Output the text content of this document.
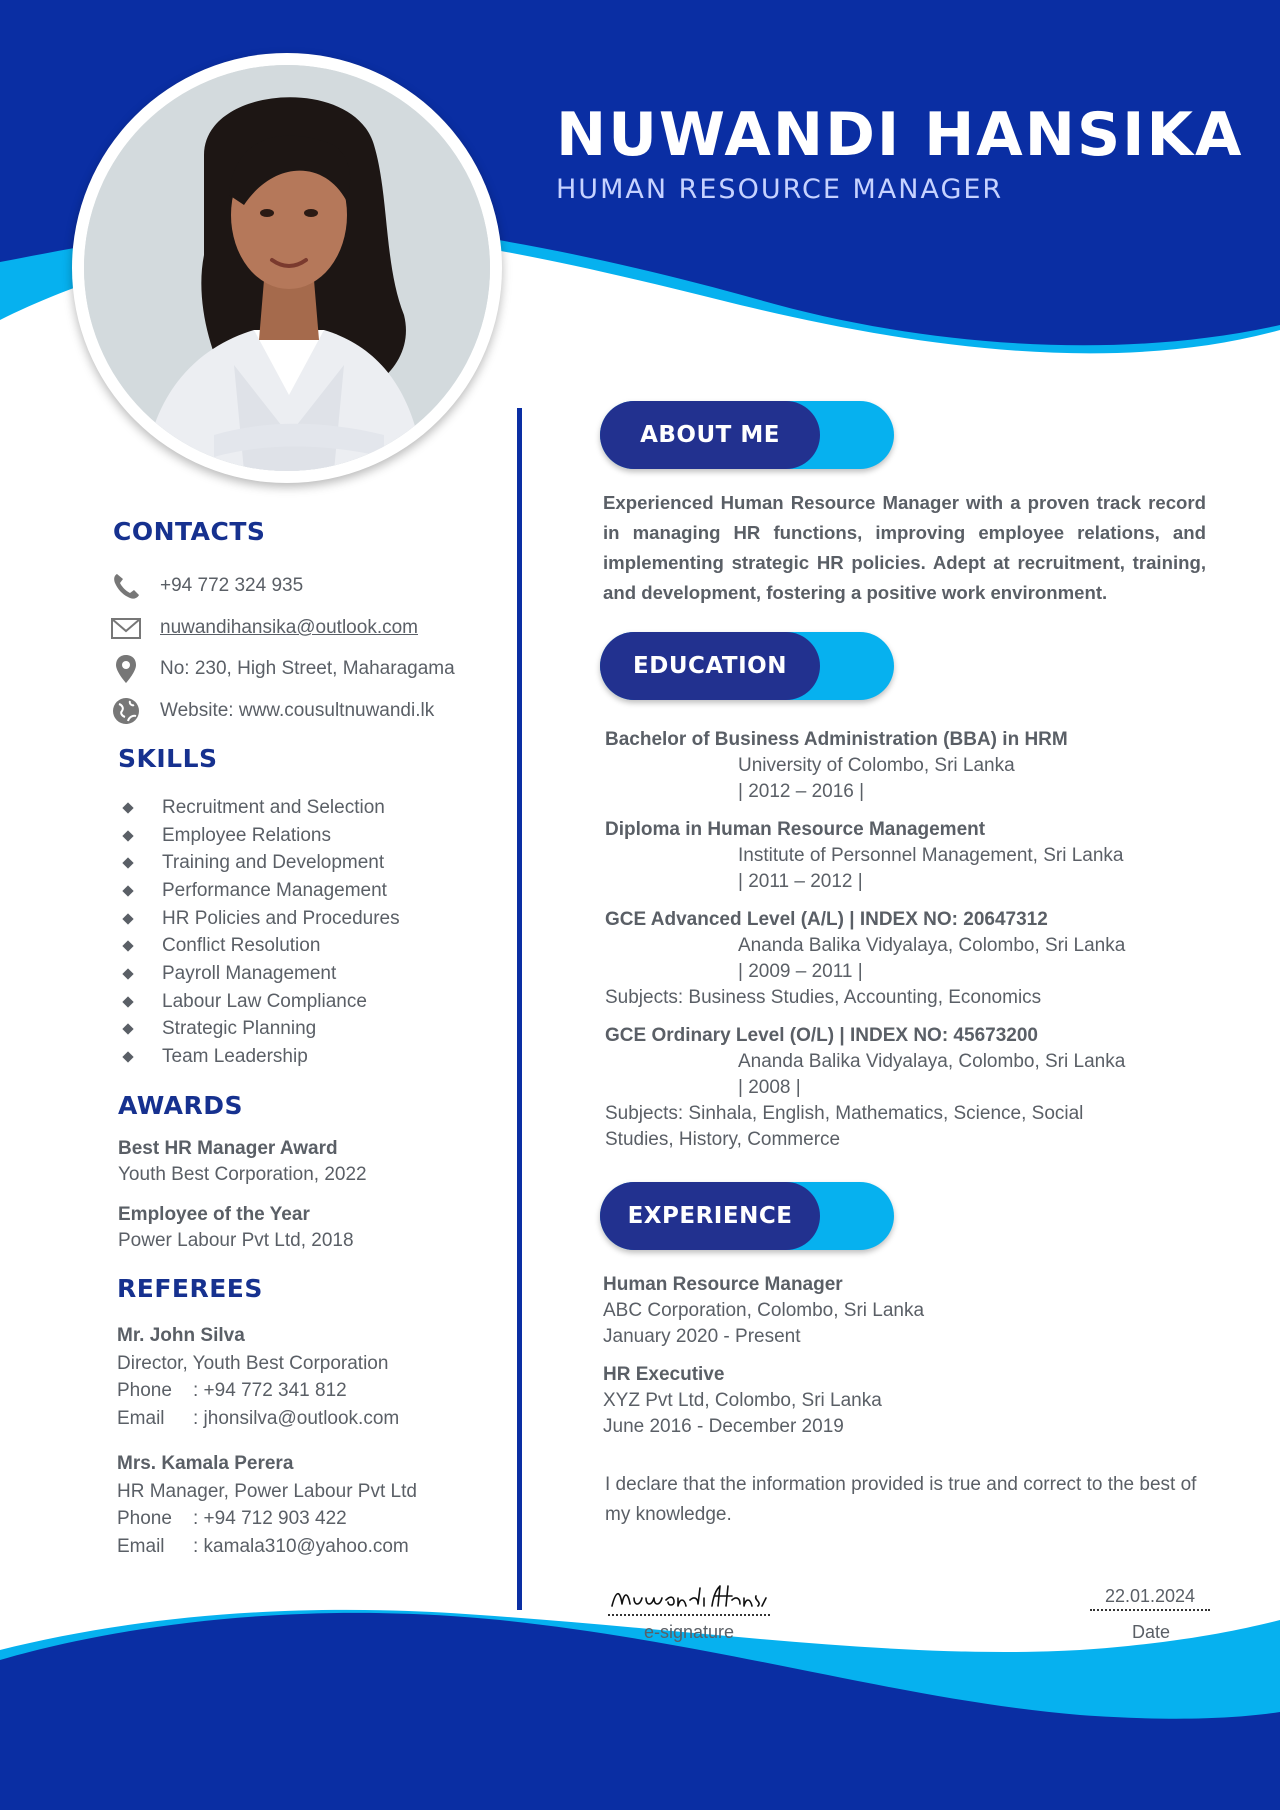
NUWANDI HANSIKA
HUMAN RESOURCE MANAGER
CONTACTS
+94 772 324 935
nuwandihansika@outlook.com
No: 230, High Street, Maharagama
Website: www.cousultnuwandi.lk
SKILLS
Recruitment and Selection
Employee Relations
Training and Development
Performance Management
HR Policies and Procedures
Conflict Resolution
Payroll Management
Labour Law Compliance
Strategic Planning
Team Leadership
AWARDS
Best HR Manager Award
Youth Best Corporation, 2022
Employee of the Year
Power Labour Pvt Ltd, 2018
REFEREES
Mr. John Silva
Director, Youth Best Corporation
Phone	: +94 772 341 812
Email	: jhonsilva@outlook.com
Mrs. Kamala Perera
HR Manager, Power Labour Pvt Ltd
Phone	: +94 712 903 422
Email	: kamala310@yahoo.com
ABOUT ME

Experienced Human Resource Manager with a proven track record in managing HR functions, improving employee relations, and implementing strategic HR policies. Adept at recruitment, training, and development, fostering a positive work environment.

EDUCATION
Bachelor of Business Administration (BBA) in HRM
University of Colombo, Sri Lanka
| 2012 – 2016 |
Diploma in Human Resource Management
Institute of Personnel Management, Sri Lanka
| 2011 – 2012 |
GCE Advanced Level (A/L) | INDEX NO: 20647312
Ananda Balika Vidyalaya, Colombo, Sri Lanka
| 2009 – 2011 |
Subjects: Business Studies, Accounting, Economics
GCE Ordinary Level (O/L) | INDEX NO: 45673200
Ananda Balika Vidyalaya, Colombo, Sri Lanka
| 2008 |
Subjects: Sinhala, English, Mathematics, Science, Social Studies, History, Commerce
EXPERIENCE
Human Resource Manager
ABC Corporation, Colombo, Sri Lanka
January 2020 - Present
HR Executive
XYZ Pvt Ltd, Colombo, Sri Lanka
June 2016 - December 2019

I declare that the information provided is true and correct to the best of my knowledge.

e-signature
22.01.2024
Date
